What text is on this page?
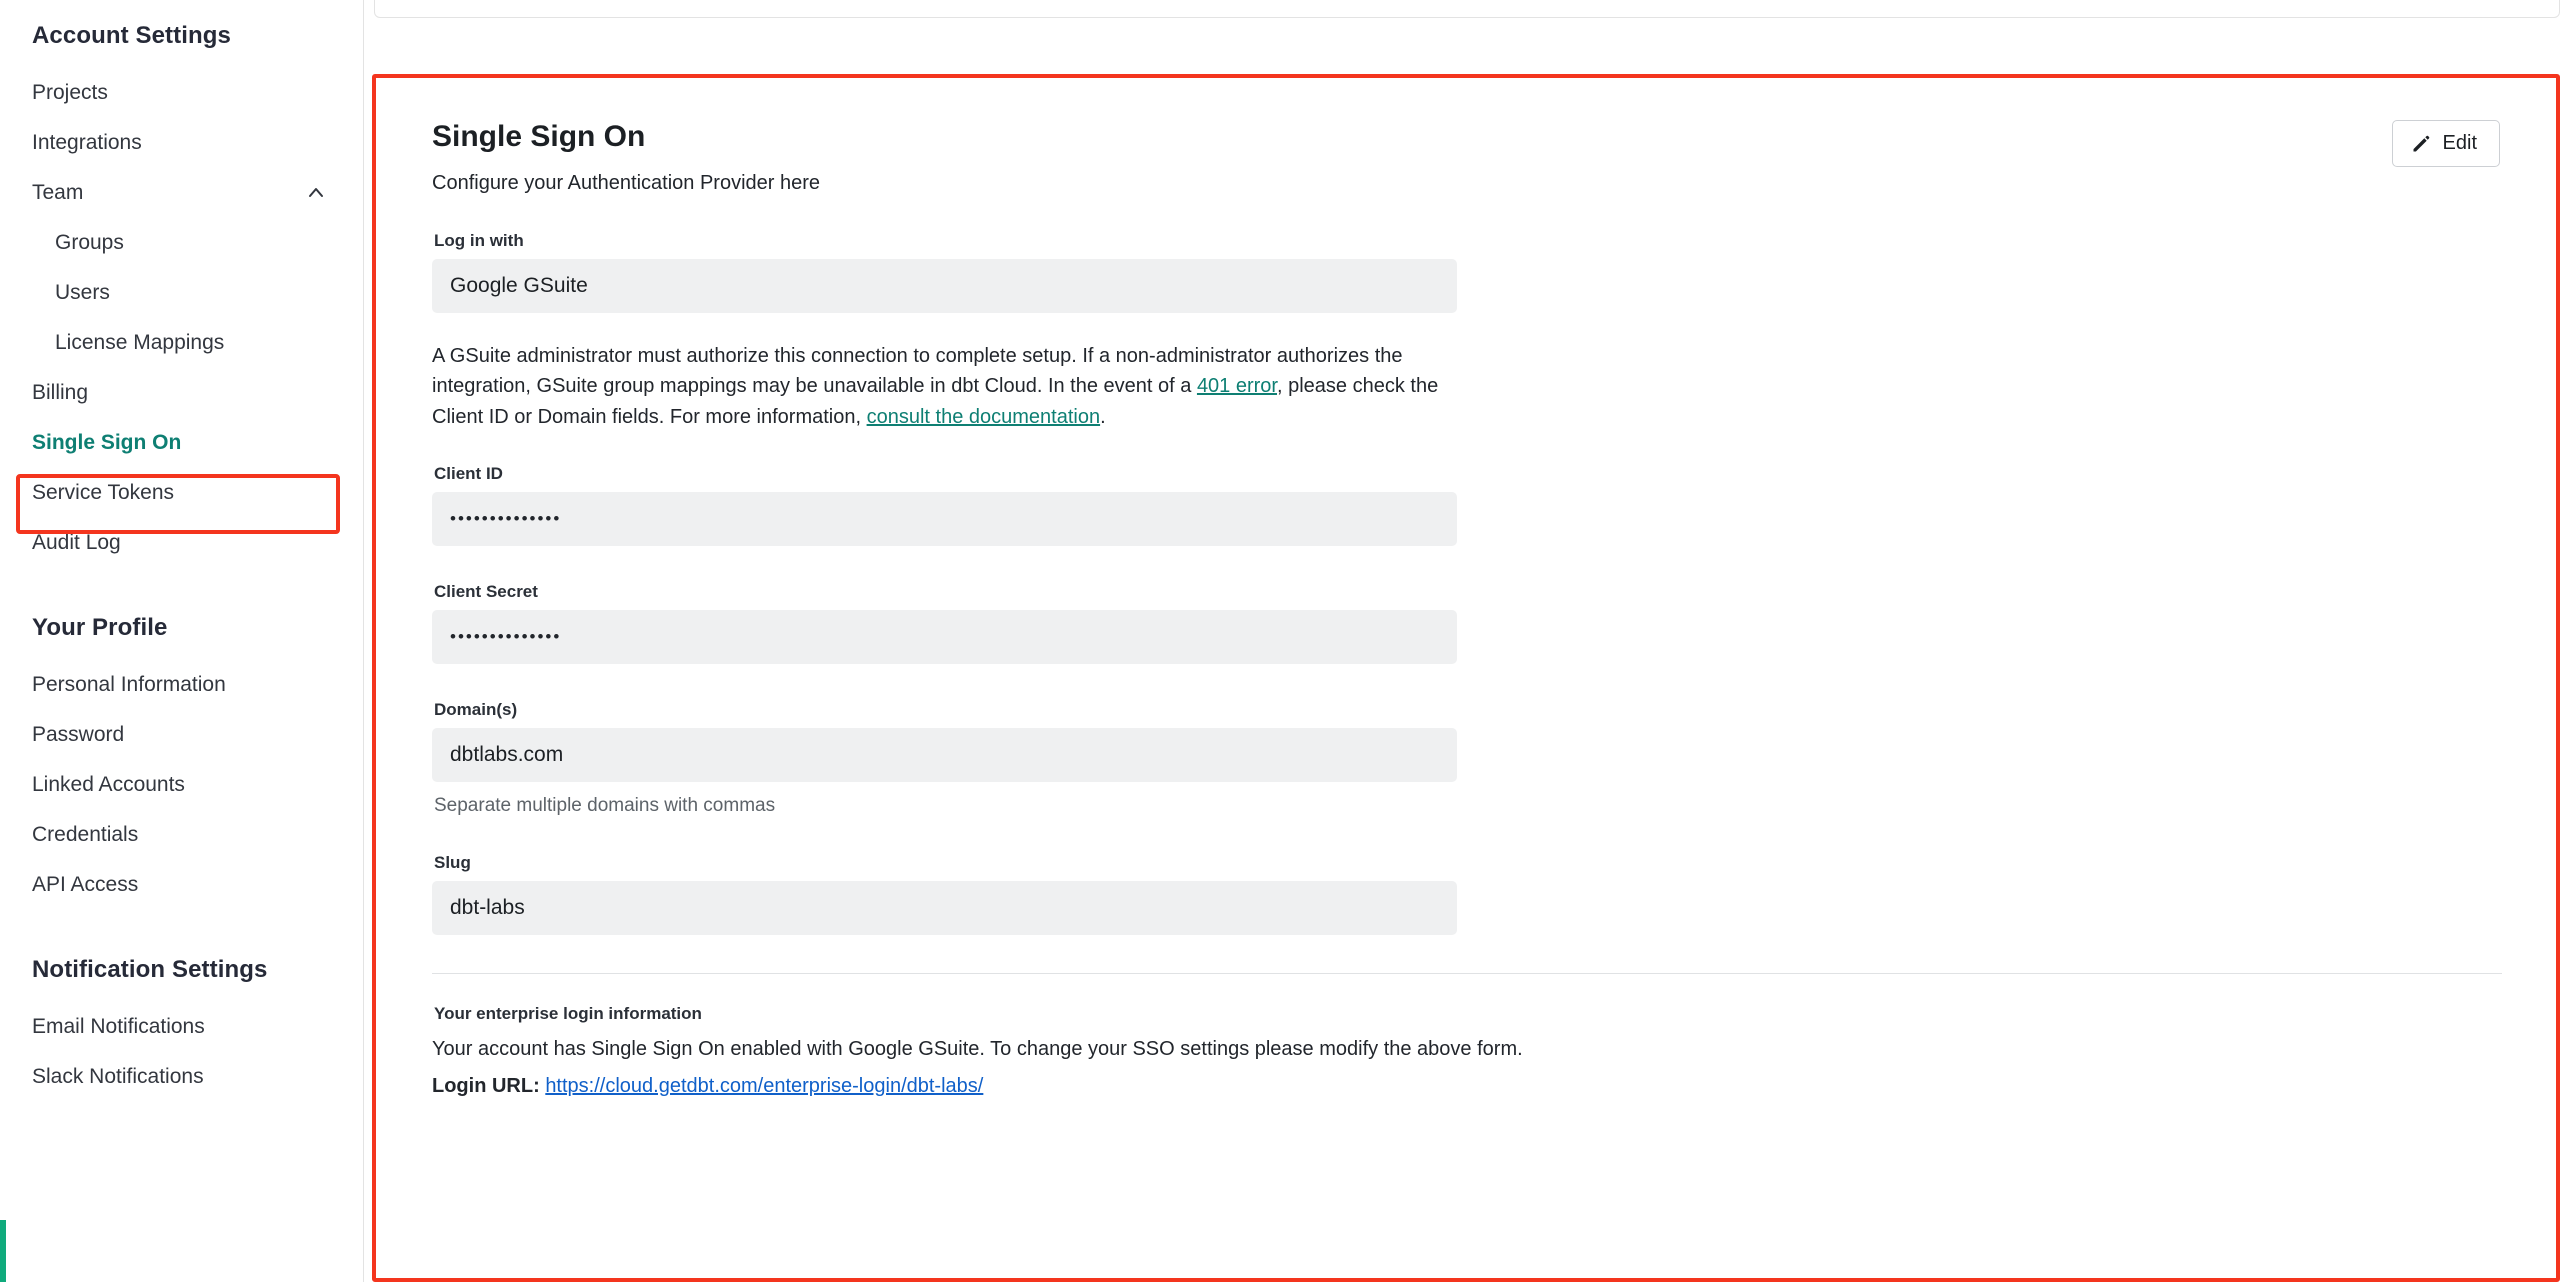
Account Settings
Projects
Integrations
Team
Groups
Users
License Mappings
Billing
Single Sign On
Service Tokens
Audit Log
Your Profile
Personal Information
Password
Linked Accounts
Credentials
API Access
Notification Settings
Email Notifications
Slack Notifications
Single Sign On
Configure your Authentication Provider here
Edit
Log in with
Google GSuite

A GSuite administrator must authorize this connection to complete setup. If a non-administrator authorizes the integration, GSuite group mappings may be unavailable in dbt Cloud. In the event of a 401 error, please check the Client ID or Domain fields. For more information, consult the documentation.

Client ID
••••••••••••••
Client Secret
••••••••••••••
Domain(s)
dbtlabs.com
Separate multiple domains with commas
Slug
dbt-labs
Your enterprise login information
Your account has Single Sign On enabled with Google GSuite. To change your SSO settings please modify the above form.
Login URL: https://cloud.getdbt.com/enterprise-login/dbt-labs/
